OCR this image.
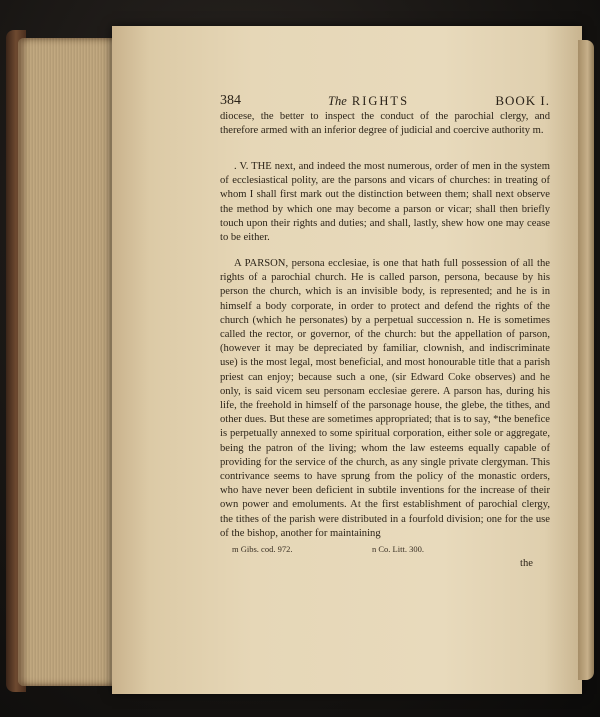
384	The RIGHTS	BOOK I.

diocese, the better to inspect the conduct of the parochial clergy, and therefore armed with an inferior degree of judicial and coercive authority m.

. V. THE next, and indeed the most numerous, order of men in the system of ecclesiastical polity, are the parsons and vicars of churches: in treating of whom I shall first mark out the distinction between them; shall next observe the method by which one may become a parson or vicar; shall then briefly touch upon their rights and duties; and shall, lastly, shew how one may cease to be either.

A PARSON, persona ecclesiae, is one that hath full possession of all the rights of a parochial church. He is called parson, persona, because by his person the church, which is an invisible body, is represented; and he is in himself a body corporate, in order to protect and defend the rights of the church (which he personates) by a perpetual succession n. He is sometimes called the rector, or governor, of the church: but the appellation of parson, (however it may be depreciated by familiar, clownish, and indiscriminate use) is the most legal, most beneficial, and most honourable title that a parish priest can enjoy; because such a one, (sir Edward Coke observes) and he only, is said vicem seu personam ecclesiae gerere. A parson has, during his life, the freehold in himself of the parsonage house, the glebe, the tithes, and other dues. But these are sometimes appropriated; that is to say, *the benefice is perpetually annexed to some spiritual corporation, either sole or aggregate, being the patron of the living; whom the law esteems equally capable of providing for the service of the church, as any single private clergyman. This contrivance seems to have sprung from the policy of the monastic orders, who have never been deficient in subtile inventions for the increase of their own power and emoluments. At the first establishment of parochial clergy, the tithes of the parish were distributed in a fourfold division; one for the use of the bishop, another for maintaining

m Gibs. cod. 972.	n Co. Litt. 300.
the
